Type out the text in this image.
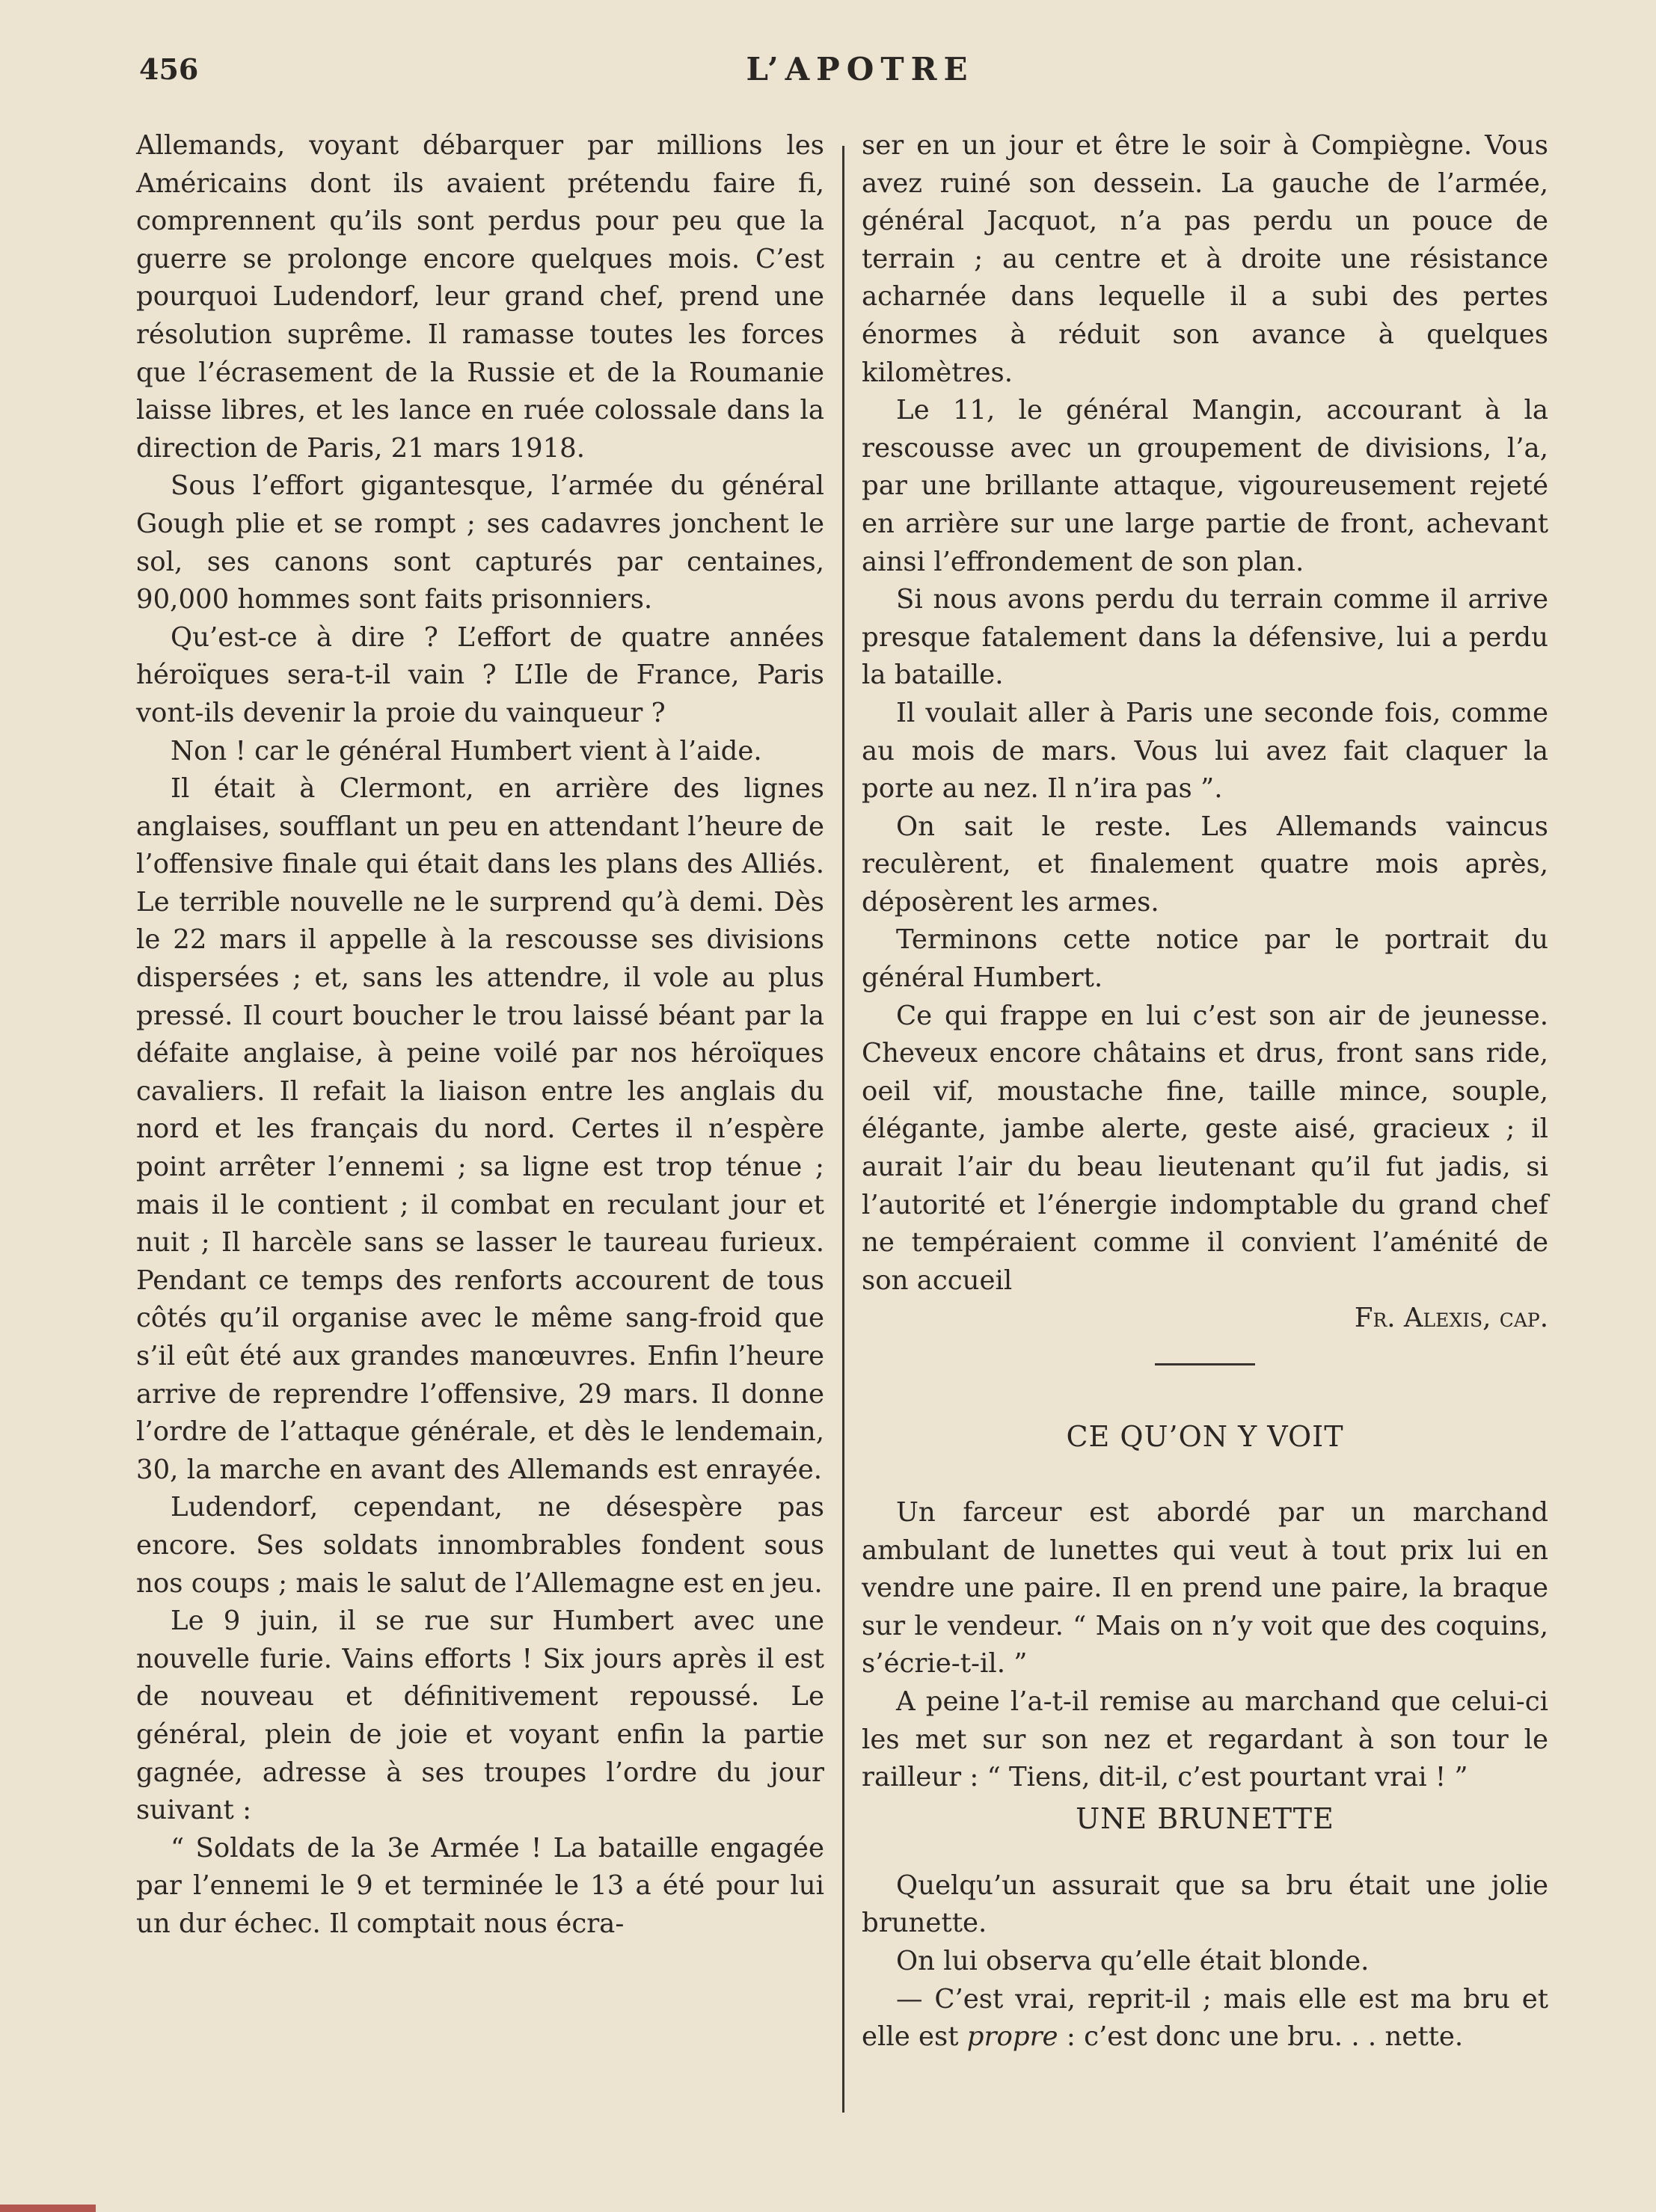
456	L’APOTRE

Allemands, voyant débarquer par millions les Américains dont ils avaient prétendu faire fi, comprennent qu’ils sont perdus pour peu que la guerre se prolonge encore quelques mois. C’est pourquoi Ludendorf, leur grand chef, prend une résolution suprême. Il ramasse toutes les forces que l’écrasement de la Russie et de la Roumanie laisse libres, et les lance en ruée colossale dans la direction de Paris, 21 mars 1918.

Sous l’effort gigantesque, l’armée du général Gough plie et se rompt ; ses cadavres jonchent le sol, ses canons sont capturés par centaines, 90,000 hommes sont faits prisonniers.

Qu’est-ce à dire ? L’effort de quatre années héroïques sera-t-il vain ? L’Ile de France, Paris vont-ils devenir la proie du vainqueur ?

Non ! car le général Humbert vient à l’aide.

Il était à Clermont, en arrière des lignes anglaises, soufflant un peu en attendant l’heure de l’offensive finale qui était dans les plans des Alliés. Le terrible nouvelle ne le surprend qu’à demi. Dès le 22 mars il appelle à la rescousse ses divisions dispersées ; et, sans les attendre, il vole au plus pressé. Il court boucher le trou laissé béant par la défaite anglaise, à peine voilé par nos héroïques cavaliers. Il refait la liaison entre les anglais du nord et les français du nord. Certes il n’espère point arrêter l’ennemi ; sa ligne est trop ténue ; mais il le contient ; il combat en reculant jour et nuit ; Il harcèle sans se lasser le taureau furieux. Pendant ce temps des renforts accourent de tous côtés qu’il organise avec le même sang-froid que s’il eût été aux grandes manœuvres. Enfin l’heure arrive de reprendre l’offensive, 29 mars. Il donne l’ordre de l’attaque générale, et dès le lendemain, 30, la marche en avant des Allemands est enrayée.

Ludendorf, cependant, ne désespère pas encore. Ses soldats innombrables fondent sous nos coups ; mais le salut de l’Allemagne est en jeu.

Le 9 juin, il se rue sur Humbert avec une nouvelle furie. Vains efforts ! Six jours après il est de nouveau et définitivement repoussé. Le général, plein de joie et voyant enfin la partie gagnée, adresse à ses troupes l’ordre du jour suivant :

“ Soldats de la 3e Armée ! La bataille engagée par l’ennemi le 9 et terminée le 13 a été pour lui un dur échec. Il comptait nous écra-

ser en un jour et être le soir à Compiègne. Vous avez ruiné son dessein. La gauche de l’armée, général Jacquot, n’a pas perdu un pouce de terrain ; au centre et à droite une résistance acharnée dans lequelle il a subi des pertes énormes à réduit son avance à quelques kilomètres.

Le 11, le général Mangin, accourant à la rescousse avec un groupement de divisions, l’a, par une brillante attaque, vigoureusement rejeté en arrière sur une large partie de front, achevant ainsi l’effrondement de son plan.

Si nous avons perdu du terrain comme il arrive presque fatalement dans la défensive, lui a perdu la bataille.

Il voulait aller à Paris une seconde fois, comme au mois de mars. Vous lui avez fait claquer la porte au nez. Il n’ira pas ”.

On sait le reste. Les Allemands vaincus reculèrent, et finalement quatre mois après, déposèrent les armes.

Terminons cette notice par le portrait du général Humbert.

Ce qui frappe en lui c’est son air de jeunesse. Cheveux encore châtains et drus, front sans ride, oeil vif, moustache fine, taille mince, souple, élégante, jambe alerte, geste aisé, gracieux ; il aurait l’air du beau lieutenant qu’il fut jadis, si l’autorité et l’énergie indomptable du grand chef ne tempéraient comme il convient l’aménité de son accueil

Fr. Alexis, cap.

CE QU’ON Y VOIT

Un farceur est abordé par un marchand ambulant de lunettes qui veut à tout prix lui en vendre une paire. Il en prend une paire, la braque sur le vendeur. “ Mais on n’y voit que des coquins, s’écrie-t-il. ”

A peine l’a-t-il remise au marchand que celui-ci les met sur son nez et regardant à son tour le railleur : “ Tiens, dit-il, c’est pourtant vrai ! ”

UNE BRUNETTE

Quelqu’un assurait que sa bru était une jolie brunette.

On lui observa qu’elle était blonde.

— C’est vrai, reprit-il ; mais elle est ma bru et elle est propre : c’est donc une bru. . . nette.
